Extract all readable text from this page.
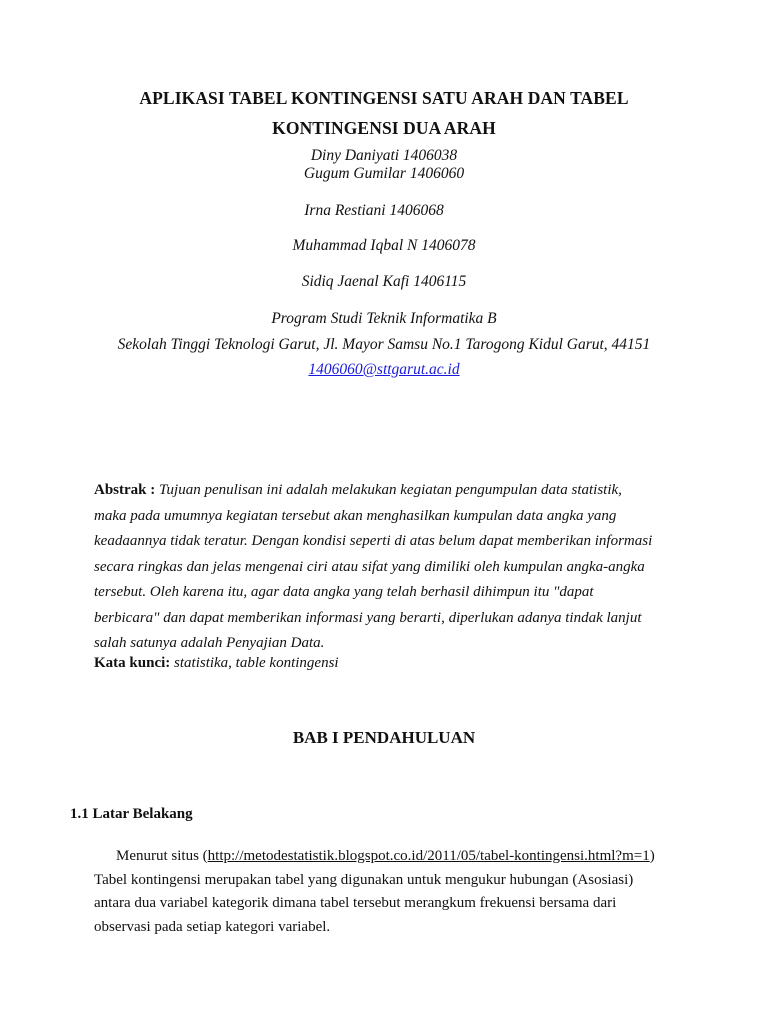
APLIKASI TABEL KONTINGENSI SATU ARAH DAN TABEL
KONTINGENSI DUA ARAH
Diny Daniyati 1406038
Gugum Gumilar 1406060
Irna Restiani 1406068
Muhammad Iqbal N 1406078
Sidiq Jaenal Kafi 1406115
Program Studi Teknik Informatika B
Sekolah Tinggi Teknologi Garut, Jl. Mayor Samsu No.1 Tarogong Kidul Garut, 44151
1406060@sttgarut.ac.id
Abstrak : Tujuan penulisan ini adalah melakukan kegiatan pengumpulan data statistik,
maka pada umumnya kegiatan tersebut akan menghasilkan kumpulan data angka yang
keadaannya tidak teratur. Dengan kondisi seperti di atas belum dapat memberikan informasi
secara ringkas dan jelas mengenai ciri atau sifat yang dimiliki oleh kumpulan angka-angka
tersebut. Oleh karena itu, agar data angka yang telah berhasil dihimpun itu "dapat
berbicara" dan dapat memberikan informasi yang berarti, diperlukan adanya tindak lanjut
salah satunya adalah Penyajian Data.
Kata kunci: statistika, table kontingensi
BAB I PENDAHULUAN
1.1 Latar Belakang
Menurut situs (http://metodestatistik.blogspot.co.id/2011/05/tabel-kontingensi.html?m=1)
Tabel kontingensi merupakan tabel yang digunakan untuk mengukur hubungan (Asosiasi)
antara dua variabel kategorik dimana tabel tersebut merangkum frekuensi bersama dari
observasi pada setiap kategori variabel.
